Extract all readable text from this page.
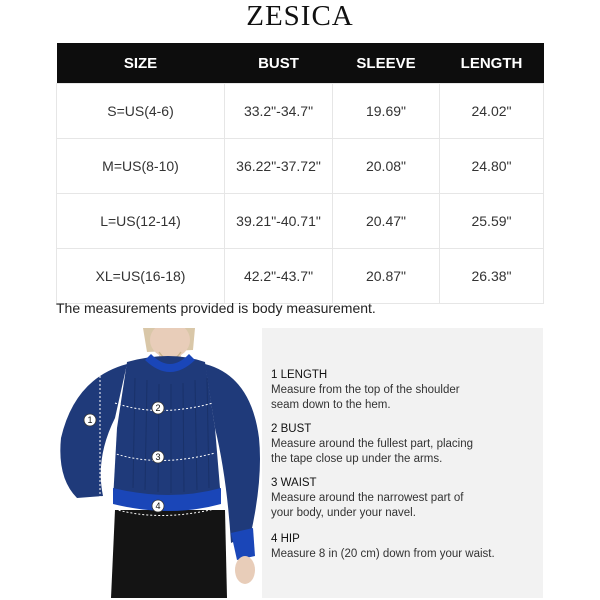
ZESICA
SIZE	BUST	SLEEVE	LENGTH
S=US(4-6)	33.2"-34.7"	19.69"	24.02"
M=US(8-10)	36.22"-37.72"	20.08"	24.80"
L=US(12-14)	39.21"-40.71"	20.47"	25.59"
XL=US(16-18)	42.2"-43.7"	20.87"	26.38"
The measurements provided is body measurement.
1
2
3
4
1 LENGTH
Measure from the top of the shoulder
seam down to the hem.
2 BUST
Measure around the fullest part, placing
the tape close up under the arms.
3 WAIST
Measure around the narrowest part of
your body, under your navel.
4 HIP
Measure 8 in (20 cm) down from your waist.
